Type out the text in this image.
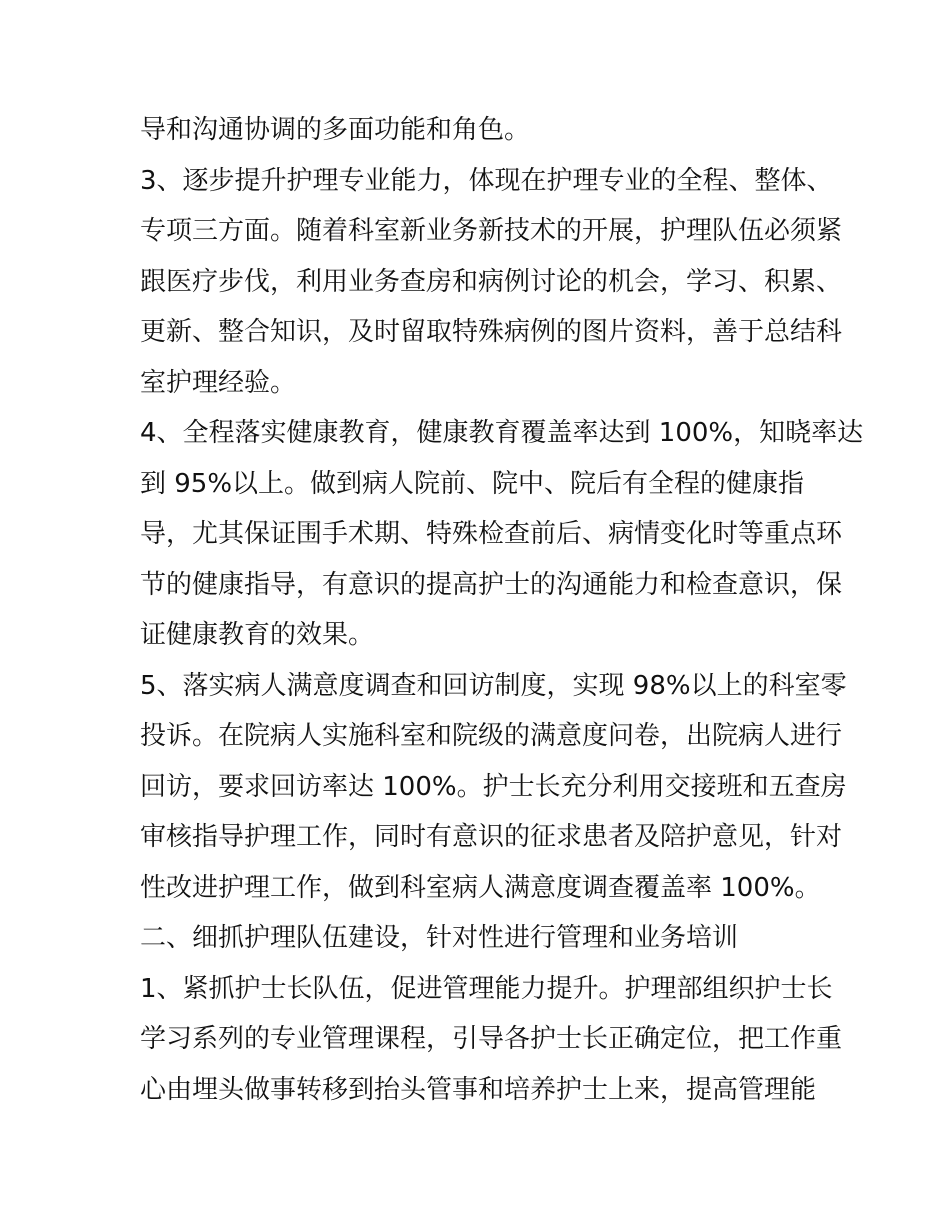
导和沟通协调的多面功能和角色。
3、逐步提升护理专业能力，体现在护理专业的全程、整体、
专项三方面。随着科室新业务新技术的开展，护理队伍必须紧
跟医疗步伐，利用业务查房和病例讨论的机会，学习、积累、
更新、整合知识，及时留取特殊病例的图片资料，善于总结科
室护理经验。
4、全程落实健康教育，健康教育覆盖率达到 100%，知晓率达
到 95%以上。做到病人院前、院中、院后有全程的健康指
导，尤其保证围手术期、特殊检查前后、病情变化时等重点环
节的健康指导，有意识的提高护士的沟通能力和检查意识，保
证健康教育的效果。
5、落实病人满意度调查和回访制度，实现 98%以上的科室零
投诉。在院病人实施科室和院级的满意度问卷，出院病人进行
回访，要求回访率达 100%。护士长充分利用交接班和五查房
审核指导护理工作，同时有意识的征求患者及陪护意见，针对
性改进护理工作，做到科室病人满意度调查覆盖率 100%。
二、细抓护理队伍建设，针对性进行管理和业务培训
1、紧抓护士长队伍，促进管理能力提升。护理部组织护士长
学习系列的专业管理课程，引导各护士长正确定位，把工作重
心由埋头做事转移到抬头管事和培养护士上来，提高管理能
